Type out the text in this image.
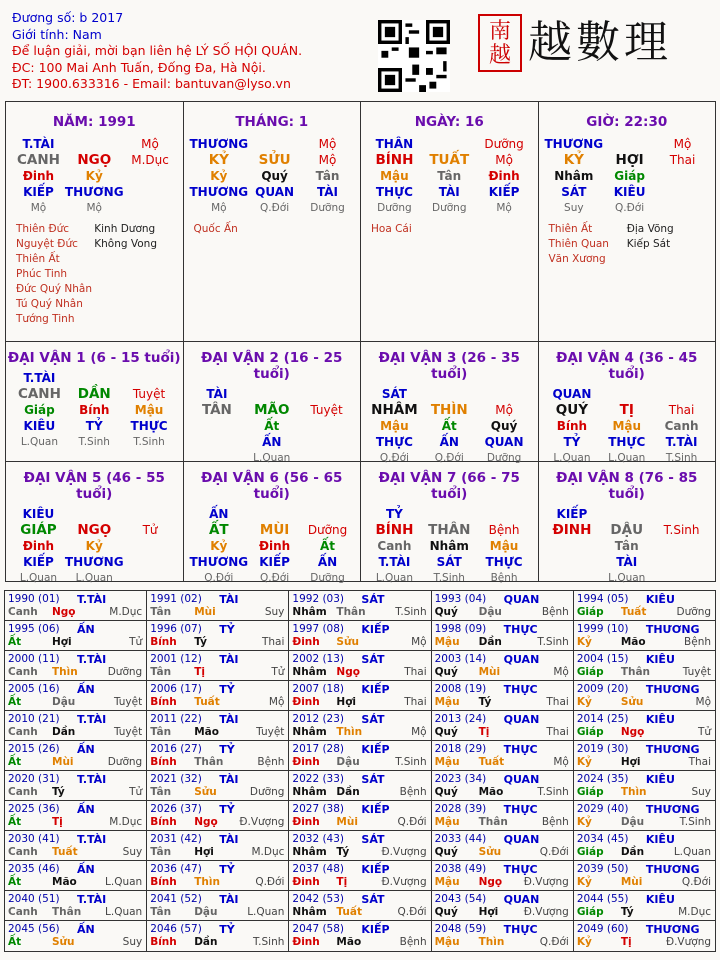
Đương số: b 2017
Giới tính: Nam
Để luận giải, mời bạn liên hệ LÝ SỐ HỘI QUÁN.
ĐC: 100 Mai Anh Tuấn, Đống Đa, Hà Nội.
ĐT: 1900.633316 - Email: bantuvan@lyso.vn
南越 越數理
NĂM: 1991
T.TÀI	Mộ
CANH	NGỌ	M.Dục
Đinh	Kỷ
KIẾP THƯƠNG
Mộ	Mộ
Thiên Đức
Nguyệt Đức
Thiên Ất
Phúc Tinh
Đức Quý Nhân
Tú Quý Nhân
Tướng Tinh
Kinh Dương
Không Vong
THÁNG: 1
THƯƠNG	Mộ
KỶ	SỬU	Mộ
Kỷ	Quý	Tân
THƯƠNG QUAN	TÀI
Mộ	Q.Đới	Dưỡng
Quốc Ấn
NGÀY: 16
THÂN	Dưỡng
BÍNH	TUẤT	Mộ
Mậu	Tân	Đinh
THỰC	TÀI	KIẾP
Dưỡng	Dưỡng	Mộ
Hoa Cái
GIỜ: 22:30
THƯƠNG	Mộ
KỶ	HỢI	Thai
Nhâm	Giáp
SÁT	KIÊU
Suy	Q.Đới
Thiên Ất
Thiên Quan
Văn Xương
Địa Võng
Kiếp Sát
ĐẠI VẬN 1 (6 - 15 tuổi)
T.TÀI
CANH	DẦN	Tuyệt
Giáp	Bính	Mậu
KIÊU	TỶ	THỰC
L.Quan	T.Sinh	T.Sinh
ĐẠI VẬN 2 (16 - 25 tuổi)
TÀI
TÂN	MÃO	Tuyệt
Ất
ẤN
L.Quan
ĐẠI VẬN 3 (26 - 35 tuổi)
SÁT
NHÂM THÌN	Mộ
Mậu	Ất	Quý
THỰC	ẤN	QUAN
Q.Đới	Q.Đới	Dưỡng
ĐẠI VẬN 4 (36 - 45 tuổi)
QUAN
QUÝ	TỊ	Thai
Bính	Mậu	Canh
TỶ	THỰC	T.TÀI
L.Quan	L.Quan	T.Sinh
ĐẠI VẬN 5 (46 - 55 tuổi)
KIÊU
GIÁP	NGỌ	Tử
Đinh	Kỷ
KIẾP THƯƠNG
L.Quan	L.Quan
ĐẠI VẬN 6 (56 - 65 tuổi)
ẤN
ẤT	MÙI	Dưỡng
Kỷ	Đinh	Ất
THƯƠNG KIẾP	ẤN
Q.Đới	Q.Đới	Dưỡng
ĐẠI VẬN 7 (66 - 75 tuổi)
TỶ
BÍNH	THÂN	Bệnh
Canh	Nhâm	Mậu
T.TÀI	SÁT	THỰC
L.Quan	T.Sinh	Bệnh
ĐẠI VẬN 8 (76 - 85 tuổi)
KIẾP
ĐINH	DẬU	T.Sinh
Tân
TÀI
L.Quan
1990 (01) T.TÀI
Canh Ngọ	M.Dục
1991 (02) TÀI
Tân Mùi	Suy
1992 (03) SÁT
Nhâm Thân	T.Sinh
1993 (04) QUAN
Quý Dậu	Bệnh
1994 (05) KIÊU
Giáp Tuất	Dưỡng
1995 (06) ẤN
Ất	Hợi	Tử
1996 (07) TỶ
Bính Tý	Thai
1997 (08) KIẾP
Đinh Sửu	Mộ
1998 (09) THỰC
Mậu Dần	T.Sinh
1999 (10) THƯƠNG
Kỷ	Mão	Bệnh
2000 (11) T.TÀI
Canh Thìn	Dưỡng
2001 (12) TÀI
Tân Tị	Tử
2002 (13) SÁT
Nhâm Ngọ	Thai
2003 (14) QUAN
Quý Mùi	Mộ
2004 (15) KIÊU
Giáp Thân	Tuyệt
2005 (16) ẤN
Ất	Dậu	Tuyệt
2006 (17) TỶ
Bính Tuất	Mộ
2007 (18) KIẾP
Đinh Hợi	Thai
2008 (19) THỰC
Mậu Tý	Thai
2009 (20) THƯƠNG
Kỷ	Sửu	Mộ
2010 (21) T.TÀI
Canh Dần	Tuyệt
2011 (22) TÀI
Tân Mão	Tuyệt
2012 (23) SÁT
Nhâm Thìn	Mộ
2013 (24) QUAN
Quý Tị	Thai
2014 (25) KIÊU
Giáp Ngọ	Tử
2015 (26) ẤN
Ất	Mùi	Dưỡng
2016 (27) TỶ
Bính Thân	Bệnh
2017 (28) KIẾP
Đinh Dậu	T.Sinh
2018 (29) THỰC
Mậu Tuất	Mộ
2019 (30) THƯƠNG
Kỷ	Hợi	Thai
2020 (31) T.TÀI
Canh Tý	Tử
2021 (32) TÀI
Tân Sửu	Dưỡng
2022 (33) SÁT
Nhâm Dần	Bệnh
2023 (34) QUAN
Quý Mão	T.Sinh
2024 (35) KIÊU
Giáp Thìn	Suy
2025 (36) ẤN
Ất	Tị	M.Dục
2026 (37) TỶ
Bính Ngọ Đ.Vượng
2027 (38) KIẾP
Đinh Mùi	Q.Đới
2028 (39) THỰC
Mậu Thân	Bệnh
2029 (40) THƯƠNG
Kỷ	Dậu	T.Sinh
2030 (41) T.TÀI
Canh Tuất	Suy
2031 (42) TÀI
Tân Hợi	M.Dục
2032 (43) SÁT
Nhâm Tý	Đ.Vượng
2033 (44) QUAN
Quý Sửu	Q.Đới
2034 (45) KIÊU
Giáp Dần	L.Quan
2035 (46) ẤN
Ất	Mão	L.Quan
2036 (47) TỶ
Bính Thìn	Q.Đới
2037 (48) KIẾP
Đinh Tị	Đ.Vượng
2038 (49) THỰC
Mậu Ngọ Đ.Vượng
2039 (50) THƯƠNG
Kỷ	Mùi	Q.Đới
2040 (51) T.TÀI
Canh Thân L.Quan
2041 (52) TÀI
Tân Dậu	L.Quan
2042 (53) SÁT
Nhâm Tuất	Q.Đới
2043 (54) QUAN
Quý Hợi Đ.Vượng
2044 (55) KIÊU
Giáp Tý	M.Dục
2045 (56) ẤN
Ất	Sửu	Suy
2046 (57) TỶ
Bính Dần	T.Sinh
2047 (58) KIẾP
Đinh Mão	Bệnh
2048 (59) THỰC
Mậu Thìn	Q.Đới
2049 (60) THƯƠNG
Kỷ	Tị	Đ.Vượng
